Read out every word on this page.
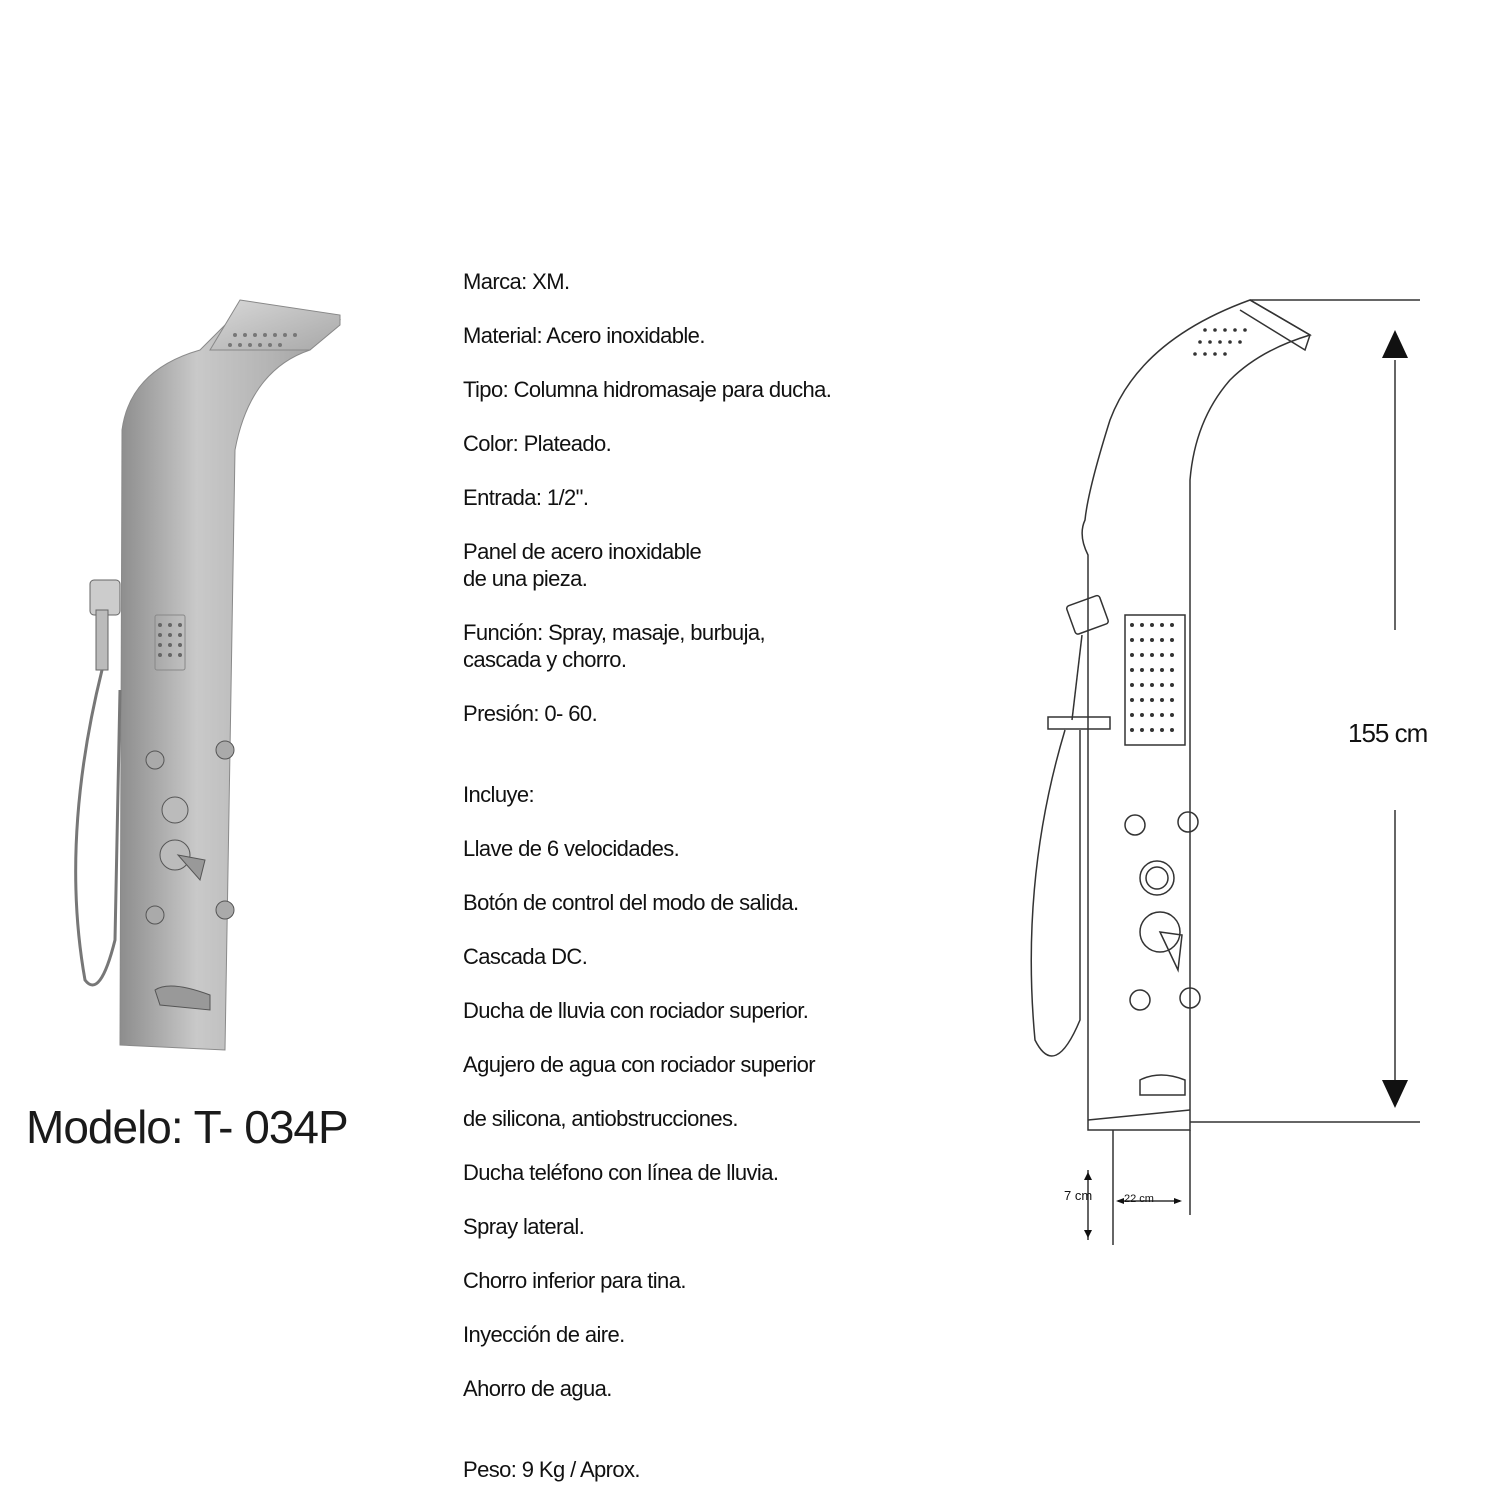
Marca: XM.
Material: Acero inoxidable.
Tipo: Columna hidromasaje para ducha.
Color: Plateado.
Entrada: 1/2".
Panel de acero inoxidable
de una pieza.
Función: Spray, masaje, burbuja,
cascada y chorro.
Presión: 0- 60.

Incluye:

Llave de 6 velocidades.

Botón de control del modo de salida.

Cascada DC.

Ducha de lluvia con rociador superior.

Agujero de agua con rociador superior

de silicona, antiobstrucciones.

Ducha teléfono con línea de lluvia.

Spray lateral.

Chorro inferior para tina.

Inyección de aire.

Ahorro de agua.

Peso: 9 Kg / Aprox.
Modelo: T- 034P
155 cm
7 cm	22 cm
